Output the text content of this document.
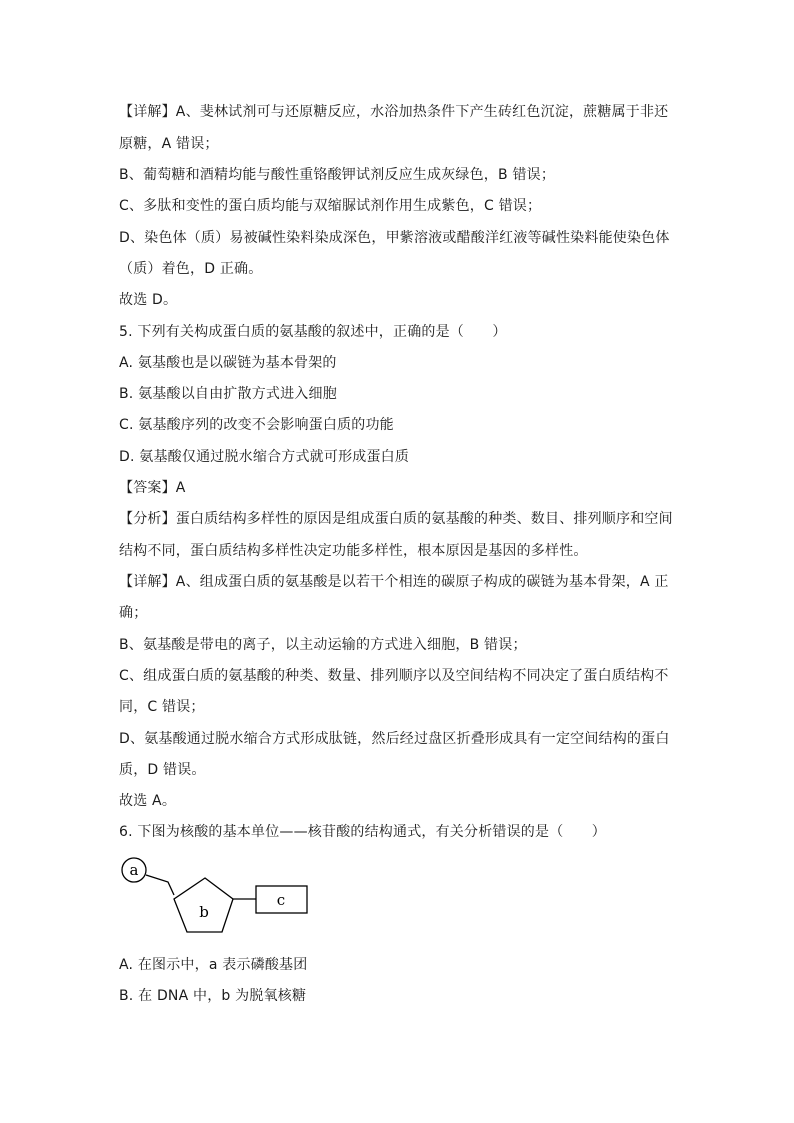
【详解】A、斐林试剂可与还原糖反应，水浴加热条件下产生砖红色沉淀，蔗糖属于非还
原糖，A 错误；
B、葡萄糖和酒精均能与酸性重铬酸钾试剂反应生成灰绿色，B 错误；
C、多肽和变性的蛋白质均能与双缩脲试剂作用生成紫色，C 错误；
D、染色体（质）易被碱性染料染成深色，甲紫溶液或醋酸洋红液等碱性染料能使染色体
（质）着色，D 正确。
故选 D。
5. 下列有关构成蛋白质的氨基酸的叙述中，正确的是（　　）
A. 氨基酸也是以碳链为基本骨架的
B. 氨基酸以自由扩散方式进入细胞
C. 氨基酸序列的改变不会影响蛋白质的功能
D. 氨基酸仅通过脱水缩合方式就可形成蛋白质
【答案】A
【分析】蛋白质结构多样性的原因是组成蛋白质的氨基酸的种类、数目、排列顺序和空间
结构不同，蛋白质结构多样性决定功能多样性，根本原因是基因的多样性。
【详解】A、组成蛋白质的氨基酸是以若干个相连的碳原子构成的碳链为基本骨架，A 正
确；
B、氨基酸是带电的离子，以主动运输的方式进入细胞，B 错误；
C、组成蛋白质的氨基酸的种类、数量、排列顺序以及空间结构不同决定了蛋白质结构不
同，C 错误；
D、氨基酸通过脱水缩合方式形成肽链，然后经过盘区折叠形成具有一定空间结构的蛋白
质，D 错误。
故选 A。
6. 下图为核酸的基本单位——核苷酸的结构通式，有关分析错误的是（　　）
a
b
c
A. 在图示中，a 表示磷酸基团
B. 在 DNA 中，b 为脱氧核糖
